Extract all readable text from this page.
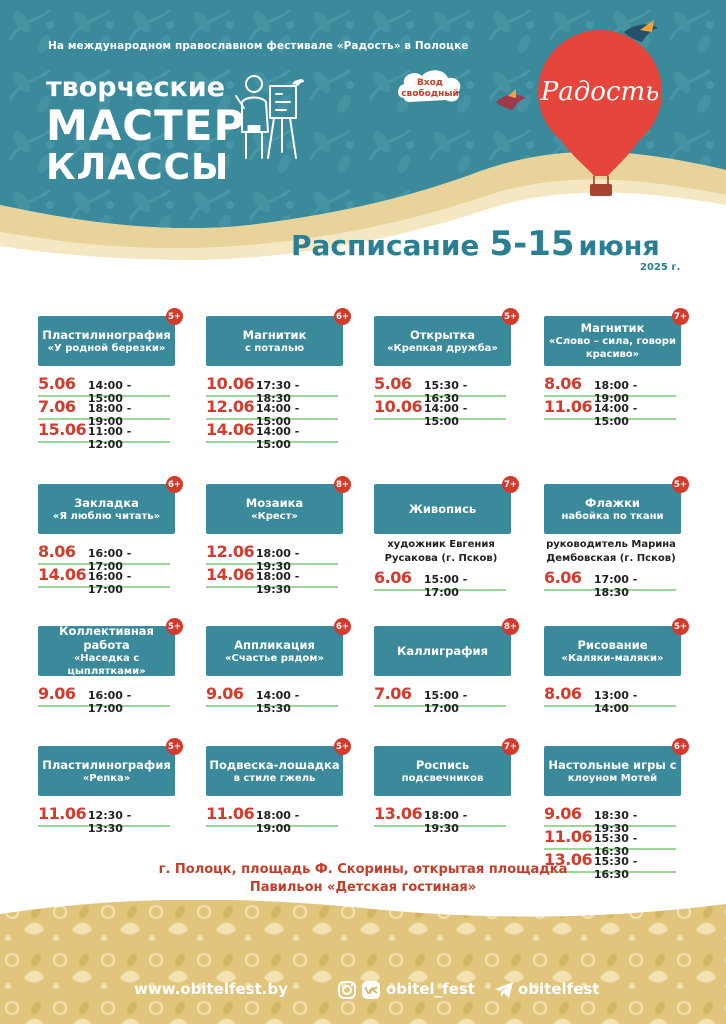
На международном православном фестивале «Радость» в Полоцке
творческие
МАСТЕР-
КЛАССЫ
Вход
свободный	Радость
Расписание 5-15 июня
2025 г.
Пластилинография
«У родной березки»
5+
5.06	14:00 - 15:00
7.06	18:00 - 19:00
15.06 11:00 - 12:00
Магнитик
с поталью
6+
10.06 17:30 - 18:30
12.06 14:00 - 15:00
14.06 14:00 - 15:00
Открытка
«Крепкая дружба»
5+
5.06	15:30 - 16:30
10.06 14:00 - 15:00
Магнитик
«Слово – сила, говори красиво»
7+
8.06	18:00 - 19:00
11.06 14:00 - 15:00
Закладка
«Я люблю читать»
6+
8.06	16:00 - 17:00
14.06 16:00 - 17:00
Мозаика
«Крест»
8+
12.06 18:00 - 19:30
14.06 18:00 - 19:30
Живопись
7+
художник Евгения Русакова (г. Псков)
6.06	15:00 - 17:00
Флажки
набойка по ткани
5+
руководитель Марина Дембовская (г. Псков)
6.06	17:00 - 18:30
Коллективная работа
«Наседка с цыплятками»
5+
9.06	16:00 - 17:00
Аппликация
«Счастье рядом»
6+
9.06	14:00 - 15:30
Каллиграфия
8+
7.06	15:00 - 17:00
Рисование
«Каляки-маляки»
5+
8.06	13:00 - 14:00
Пластилинография
«Репка»
5+
11.06 12:30 - 13:30
Подвеска-лошадка
в стиле гжель
5+
11.06 18:00 - 19:00
Роспись
подсвечников
7+
13.06 18:00 - 19:30
Настольные игры с
клоуном Мотей
6+
9.06	18:30 - 19:30
11.06 15:30 - 16:30
13.06 15:30 - 16:30
г. Полоцк, площадь Ф. Скорины, открытая площадка
Павильон «Детская гостиная»
www.obitelfest.by	obitel_fest	obitelfest
